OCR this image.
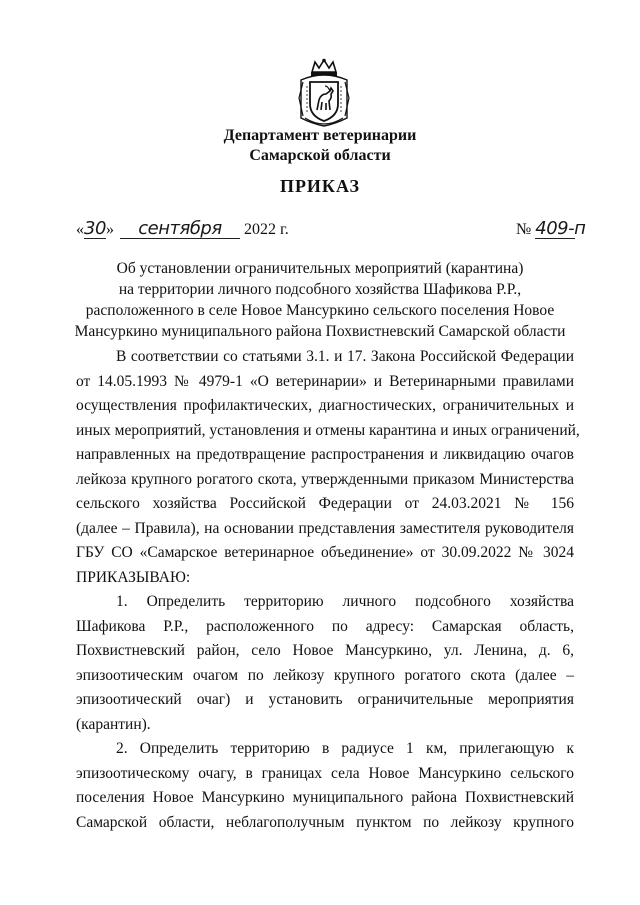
Департамент ветеринарии
Самарской области
ПРИКАЗ
«30» сентября 2022 г.	№ 409-п
Об установлении ограничительных мероприятий (карантина)
на территории личного подсобного хозяйства Шафикова Р.Р.,
расположенного в селе Новое Мансуркино сельского поселения Новое
Мансуркино муниципального района Похвистневский Самарской области

В соответствии со статьями 3.1. и 17. Закона Российской Федерации
от 14.05.1993 № 4979-1 «О ветеринарии» и Ветеринарными правилами
осуществления профилактических, диагностических, ограничительных и
иных мероприятий, установления и отмены карантина и иных ограничений,
направленных на предотвращение распространения и ликвидацию очагов
лейкоза крупного рогатого скота, утвержденными приказом Министерства
сельского хозяйства Российской Федерации от 24.03.2021 № 156
(далее – Правила), на основании представления заместителя руководителя
ГБУ СО «Самарское ветеринарное объединение» от 30.09.2022 № 3024
ПРИКАЗЫВАЮ:

1. Определить территорию личного подсобного хозяйства
Шафикова Р.Р., расположенного по адресу: Самарская область,
Похвистневский район, село Новое Мансуркино, ул. Ленина, д. 6,
эпизоотическим очагом по лейкозу крупного рогатого скота (далее –
эпизоотический очаг) и установить ограничительные мероприятия
(карантин).

2. Определить территорию в радиусе 1 км, прилегающую к
эпизоотическому очагу, в границах села Новое Мансуркино сельского
поселения Новое Мансуркино муниципального района Похвистневский
Самарской области, неблагополучным пунктом по лейкозу крупного
